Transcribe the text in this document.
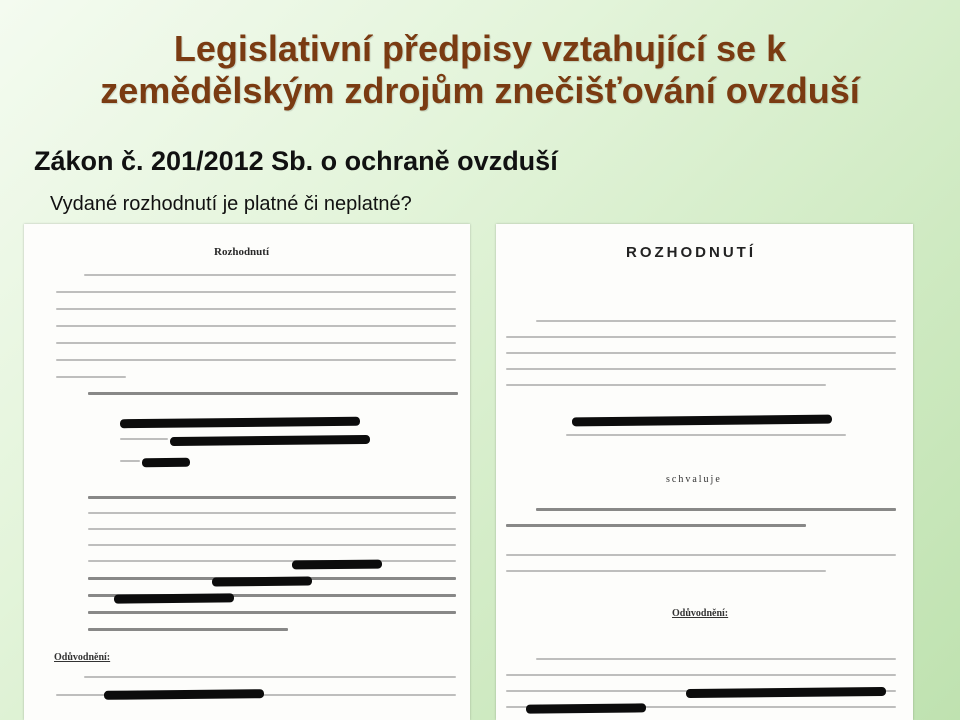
Legislativní předpisy vztahující se k
zemědělským zdrojům znečišťování ovzduší

Zákon č. 201/2012 Sb. o ochraně ovzduší

Vydané rozhodnutí je platné či neplatné?

Rozhodnutí
Odůvodnění:
ROZHODNUTÍ
schvaluje
Odůvodnění:
